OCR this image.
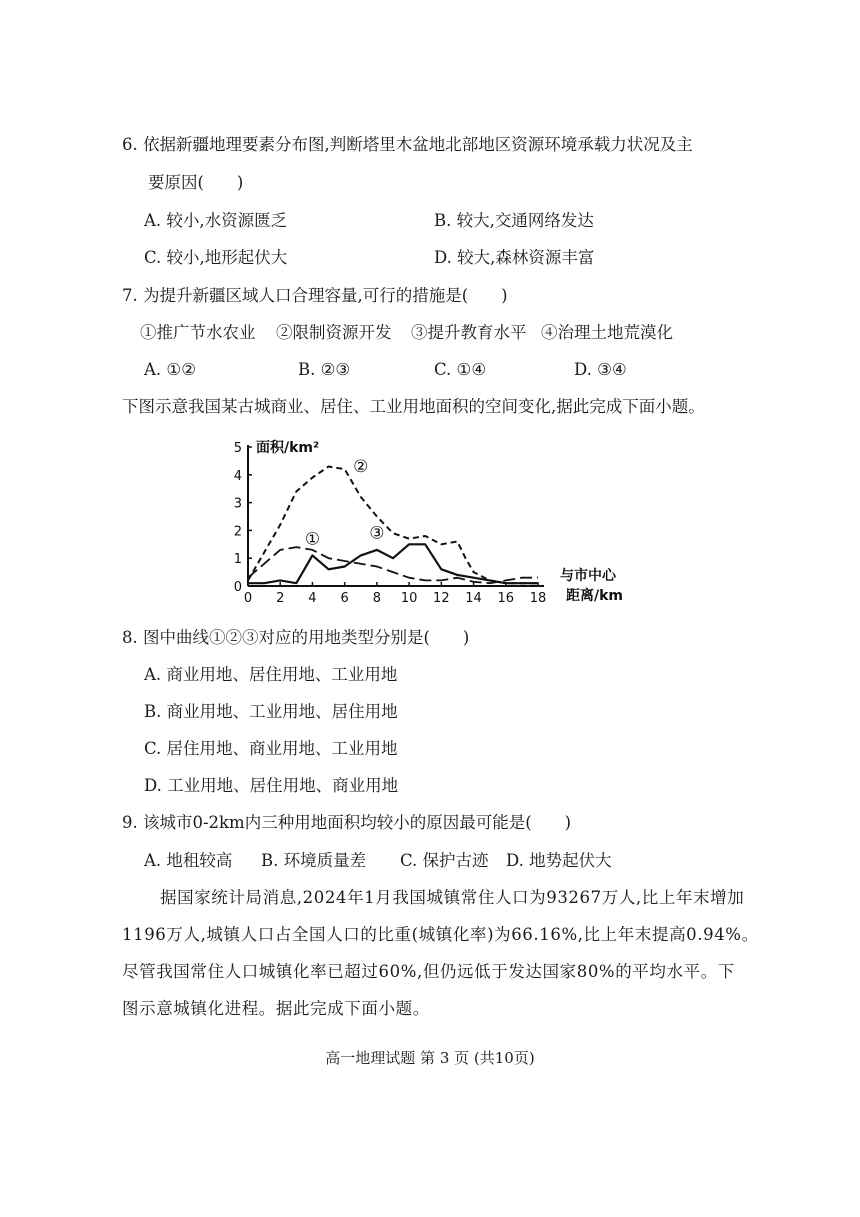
6. 依据新疆地理要素分布图,判断塔里木盆地北部地区资源环境承载力状况及主
要原因(　　)
A. 较小,水资源匮乏	B. 较大,交通网络发达
C. 较小,地形起伏大	D. 较大,森林资源丰富
7. 为提升新疆区域人口合理容量,可行的措施是(　　)
①推广节水农业 ②限制资源开发 ③提升教育水平 ④治理土地荒漠化
A. ①②	B. ②③	C. ①④	D. ③④
下图示意我国某古城商业、居住、工业用地面积的空间变化,据此完成下面小题。
0 2 4 6 8 10 12 14 16 18
0
1
2
3
4
5
①
②
③
面积/km²
与市中心
距离/km
8. 图中曲线①②③对应的用地类型分别是(　　)
A. 商业用地、居住用地、工业用地
B. 商业用地、工业用地、居住用地
C. 居住用地、商业用地、工业用地
D. 工业用地、居住用地、商业用地
9. 该城市0-2km内三种用地面积均较小的原因最可能是(　　)
A. 地租较高 B. 环境质量差 C. 保护古迹 D. 地势起伏大
据国家统计局消息,2024年1月我国城镇常住人口为93267万人,比上年末增加
1196万人,城镇人口占全国人口的比重(城镇化率)为66.16%,比上年末提高0.94%。
尽管我国常住人口城镇化率已超过60%,但仍远低于发达国家80%的平均水平。下
图示意城镇化进程。据此完成下面小题。
高一地理试题 第 3 页 (共10页)
